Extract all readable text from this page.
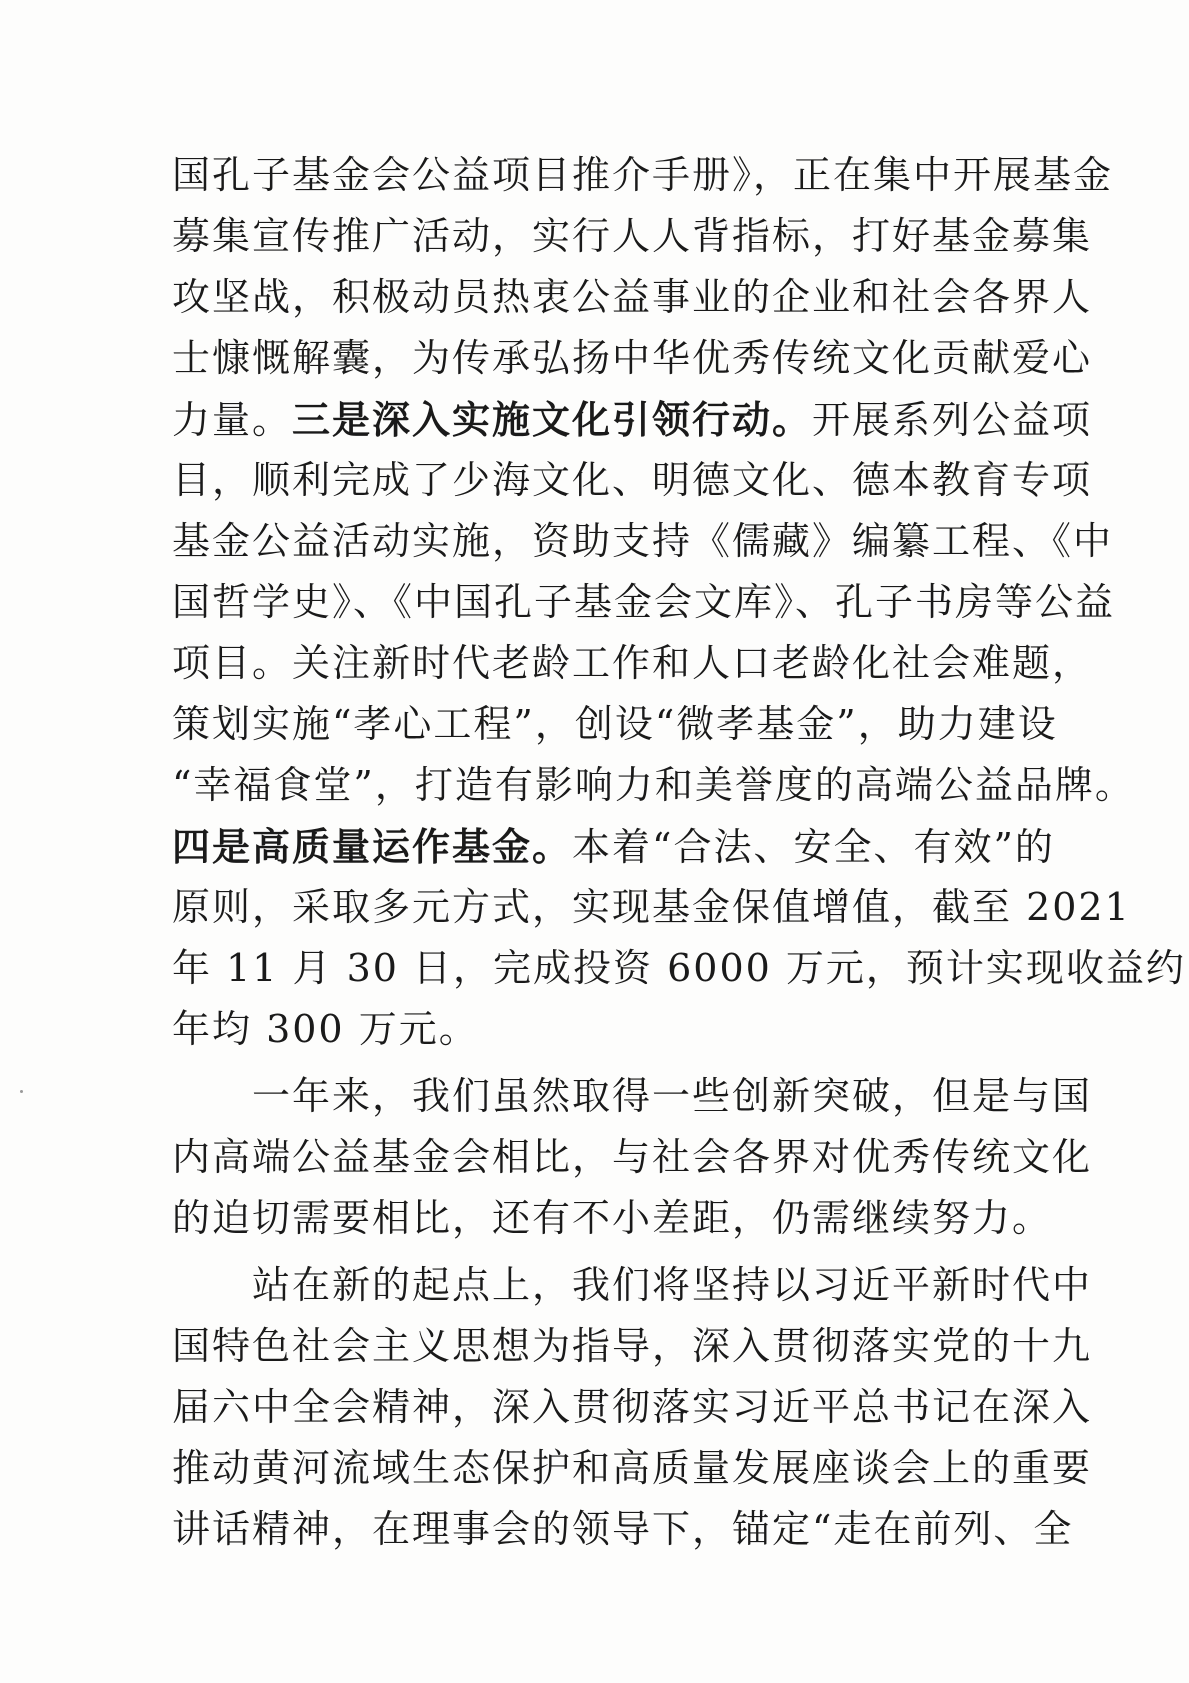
国孔子基金会公益项目推介手册》，正在集中开展基金
募集宣传推广活动，实行人人背指标，打好基金募集
攻坚战，积极动员热衷公益事业的企业和社会各界人
士慷慨解囊，为传承弘扬中华优秀传统文化贡献爱心
力量。三是深入实施文化引领行动。开展系列公益项
目，顺利完成了少海文化、明德文化、德本教育专项
基金公益活动实施，资助支持《儒藏》编纂工程、《中
国哲学史》、《中国孔子基金会文库》、孔子书房等公益
项目。关注新时代老龄工作和人口老龄化社会难题，
策划实施“孝心工程”，创设“微孝基金”，助力建设
“幸福食堂”，打造有影响力和美誉度的高端公益品牌。
四是高质量运作基金。本着“合法、安全、有效”的
原则，采取多元方式，实现基金保值增值，截至 2021
年 11 月 30 日，完成投资 6000 万元，预计实现收益约
年均 300 万元。
一年来，我们虽然取得一些创新突破，但是与国
内高端公益基金会相比，与社会各界对优秀传统文化
的迫切需要相比，还有不小差距，仍需继续努力。
站在新的起点上，我们将坚持以习近平新时代中
国特色社会主义思想为指导，深入贯彻落实党的十九
届六中全会精神，深入贯彻落实习近平总书记在深入
推动黄河流域生态保护和高质量发展座谈会上的重要
讲话精神，在理事会的领导下，锚定“走在前列、全
